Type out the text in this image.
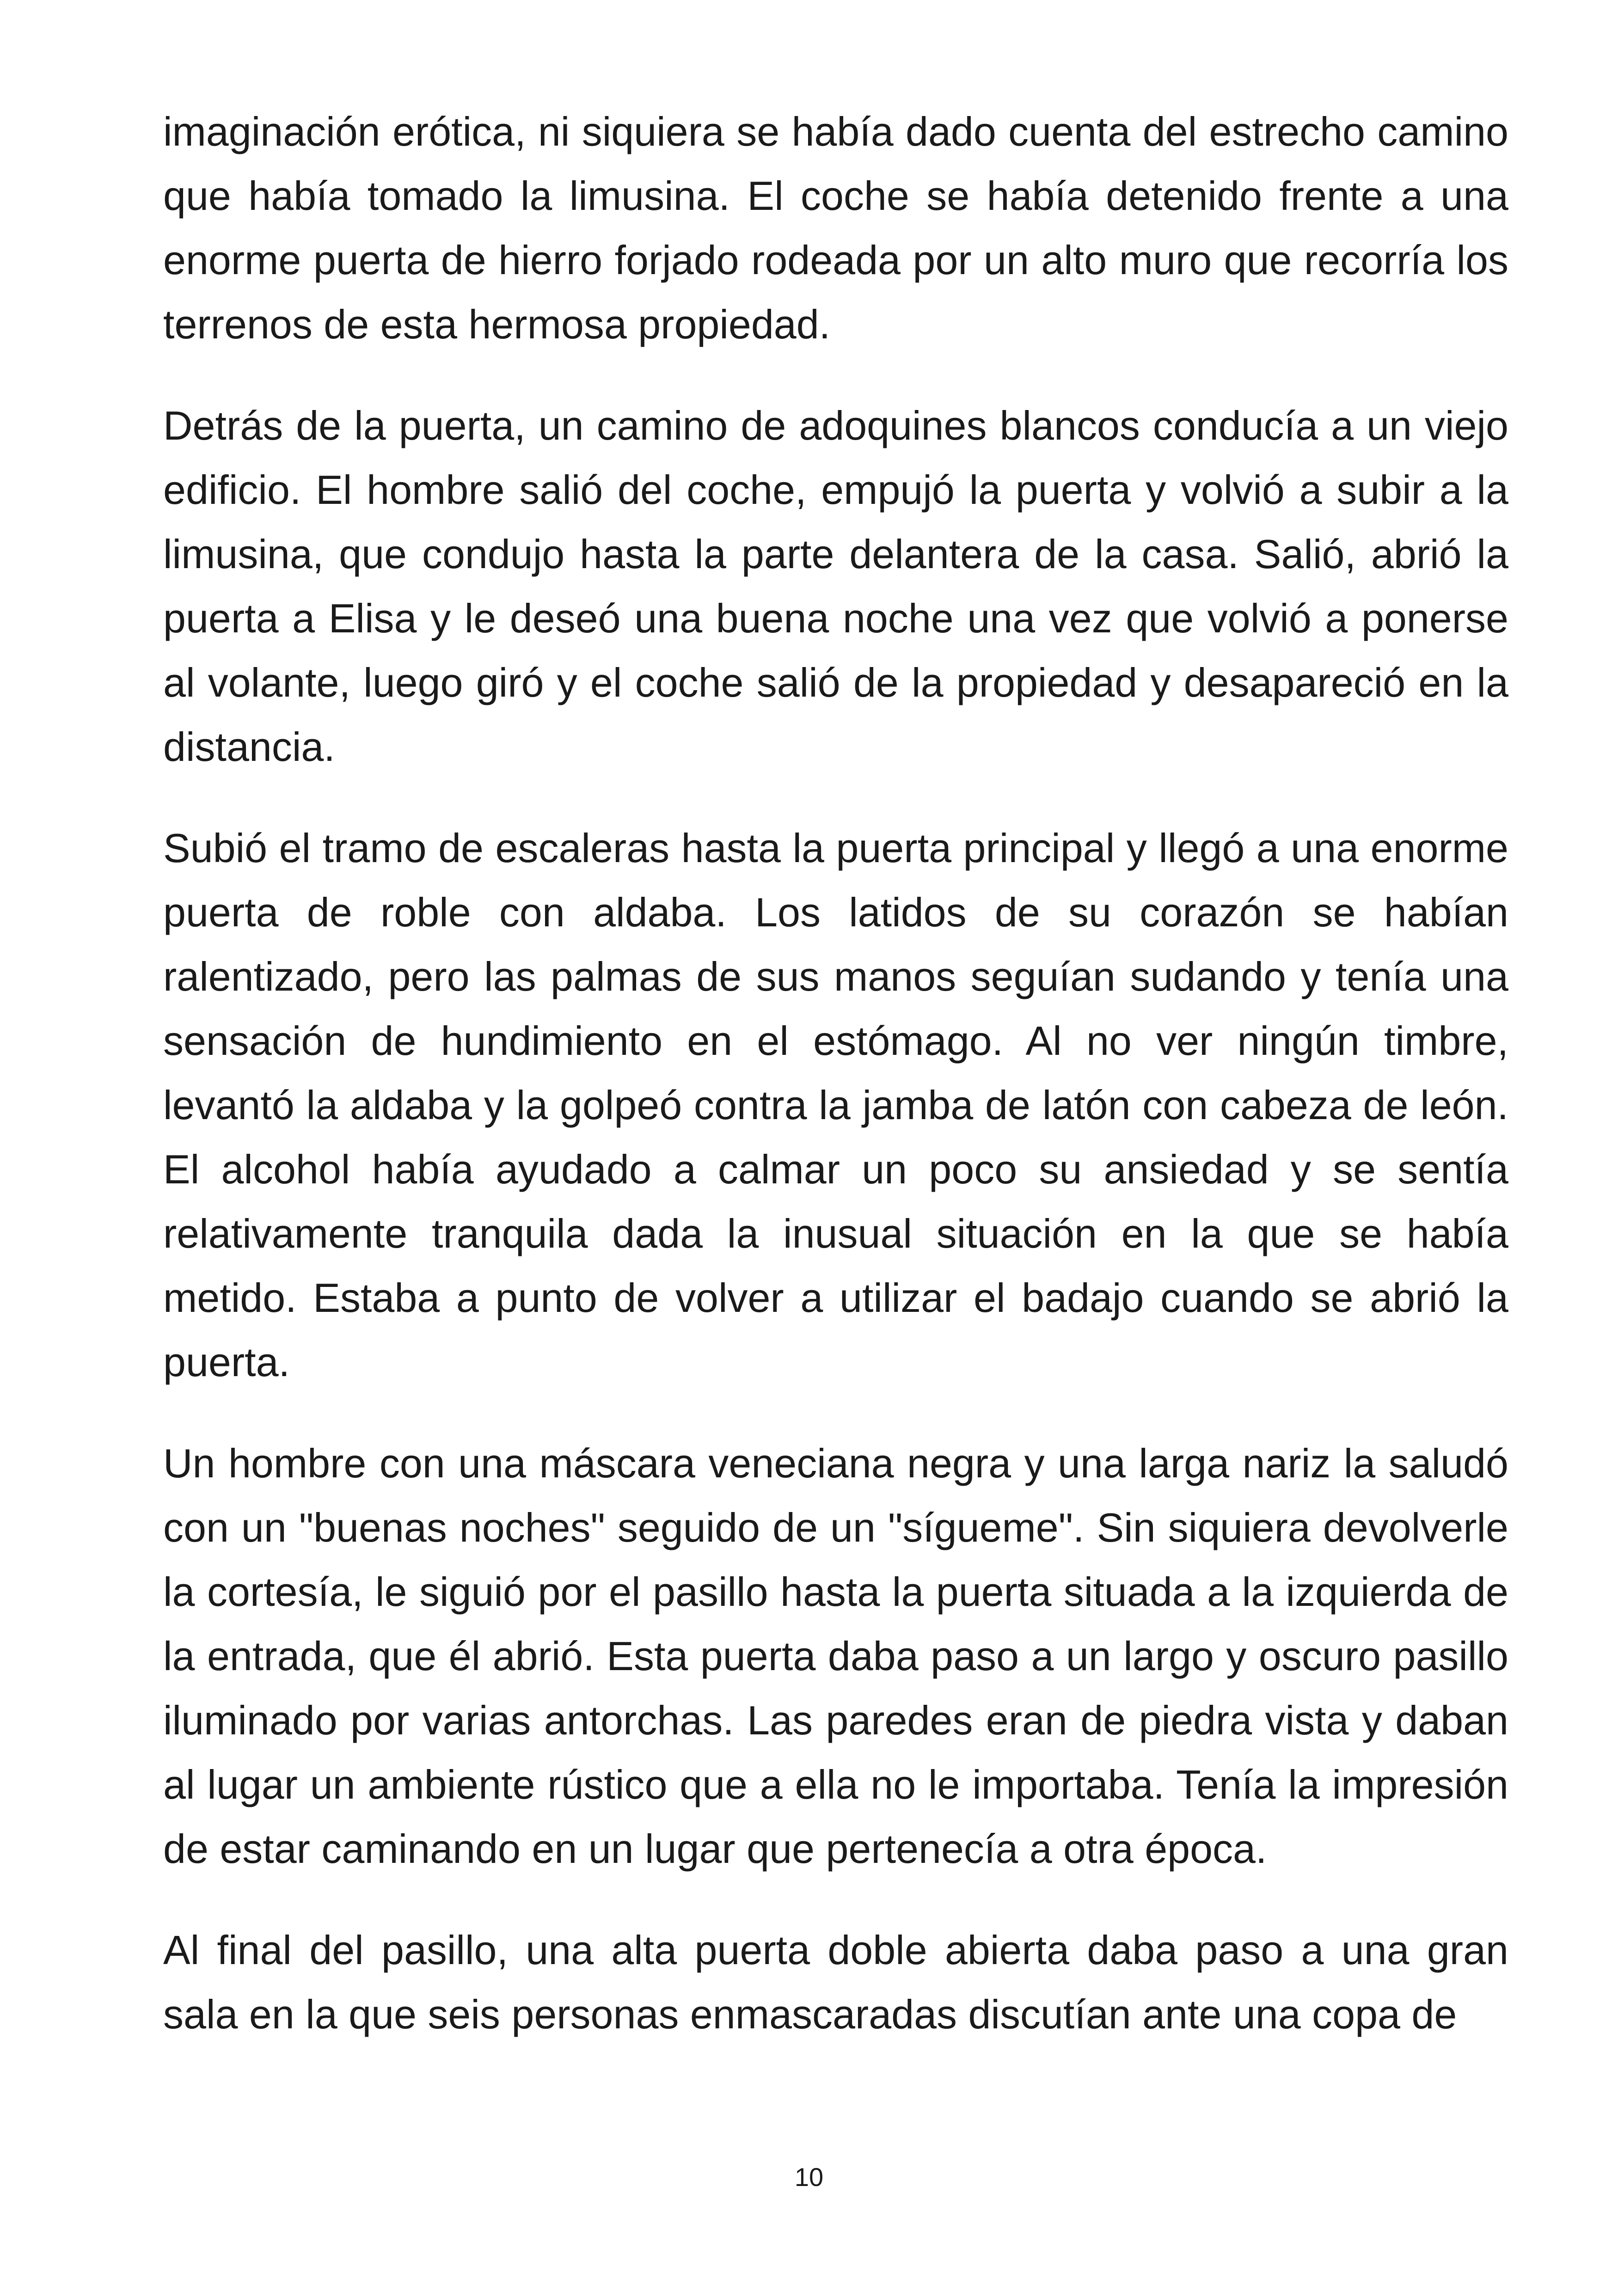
imaginación erótica, ni siquiera se había dado cuenta del estrecho camino que había tomado la limusina. El coche se había detenido frente a una enorme puerta de hierro forjado rodeada por un alto muro que recorría los terrenos de esta hermosa propiedad.

Detrás de la puerta, un camino de adoquines blancos conducía a un viejo edificio. El hombre salió del coche, empujó la puerta y volvió a subir a la limusina, que condujo hasta la parte delantera de la casa. Salió, abrió la puerta a Elisa y le deseó una buena noche una vez que volvió a ponerse al volante, luego giró y el coche salió de la propiedad y desapareció en la distancia.

Subió el tramo de escaleras hasta la puerta principal y llegó a una enorme puerta de roble con aldaba. Los latidos de su corazón se habían ralentizado, pero las palmas de sus manos seguían sudando y tenía una sensación de hundimiento en el estómago. Al no ver ningún timbre, levantó la aldaba y la golpeó contra la jamba de latón con cabeza de león. El alcohol había ayudado a calmar un poco su ansiedad y se sentía relativamente tranquila dada la inusual situación en la que se había metido. Estaba a punto de volver a utilizar el badajo cuando se abrió la puerta.

Un hombre con una máscara veneciana negra y una larga nariz la saludó con un "buenas noches" seguido de un "sígueme". Sin siquiera devolverle la cortesía, le siguió por el pasillo hasta la puerta situada a la izquierda de la entrada, que él abrió. Esta puerta daba paso a un largo y oscuro pasillo iluminado por varias antorchas. Las paredes eran de piedra vista y daban al lugar un ambiente rústico que a ella no le importaba. Tenía la impresión de estar caminando en un lugar que pertenecía a otra época.

Al final del pasillo, una alta puerta doble abierta daba paso a una gran sala en la que seis personas enmascaradas discutían ante una copa de

10
